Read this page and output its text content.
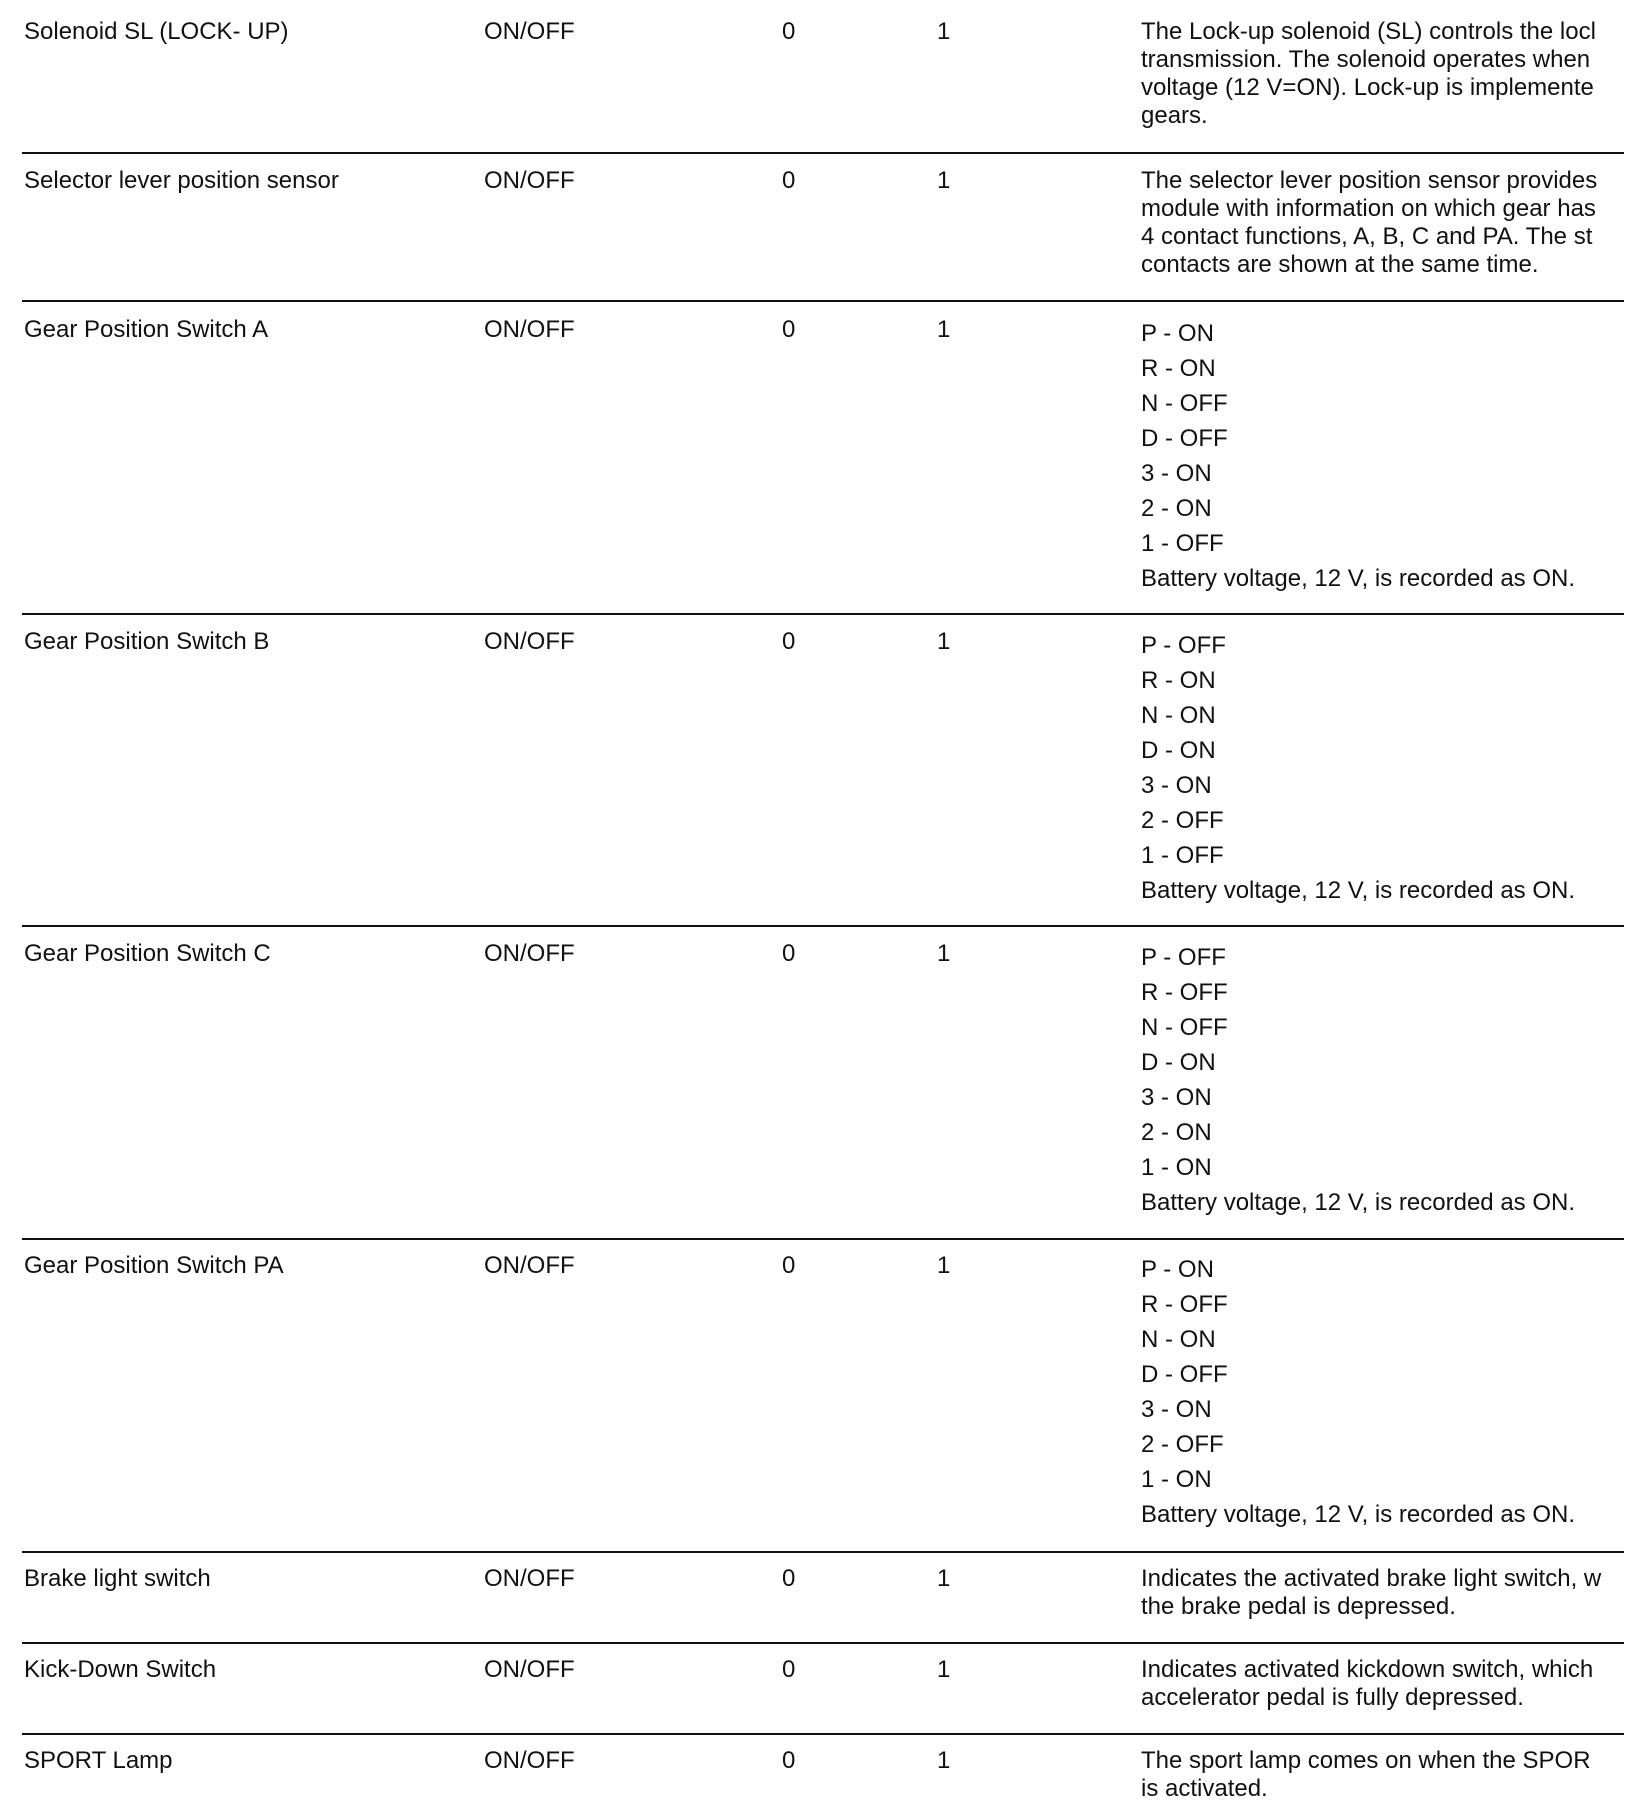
Solenoid SL (LOCK- UP)	ON/OFF	0	1	The Lock-up solenoid (SL) controls the locl
transmission. The solenoid operates when
voltage (12 V=ON). Lock-up is implemente
gears.
Selector lever position sensor	ON/OFF	0	1	The selector lever position sensor provides
module with information on which gear has
4 contact functions, A, B, C and PA. The st
contacts are shown at the same time.
Gear Position Switch A	ON/OFF	0	1	P - ON
R - ON
N - OFF
D - OFF
3 - ON
2 - ON
1 - OFF
Battery voltage, 12 V, is recorded as ON.
Gear Position Switch B	ON/OFF	0	1	P - OFF
R - ON
N - ON
D - ON
3 - ON
2 - OFF
1 - OFF
Battery voltage, 12 V, is recorded as ON.
Gear Position Switch C	ON/OFF	0	1	P - OFF
R - OFF
N - OFF
D - ON
3 - ON
2 - ON
1 - ON
Battery voltage, 12 V, is recorded as ON.
Gear Position Switch PA	ON/OFF	0	1	P - ON
R - OFF
N - ON
D - OFF
3 - ON
2 - OFF
1 - ON
Battery voltage, 12 V, is recorded as ON.
Brake light switch	ON/OFF	0	1	Indicates the activated brake light switch, w
the brake pedal is depressed.
Kick-Down Switch	ON/OFF	0	1	Indicates activated kickdown switch, which
accelerator pedal is fully depressed.
SPORT Lamp	ON/OFF	0	1	The sport lamp comes on when the SPOR
is activated.
